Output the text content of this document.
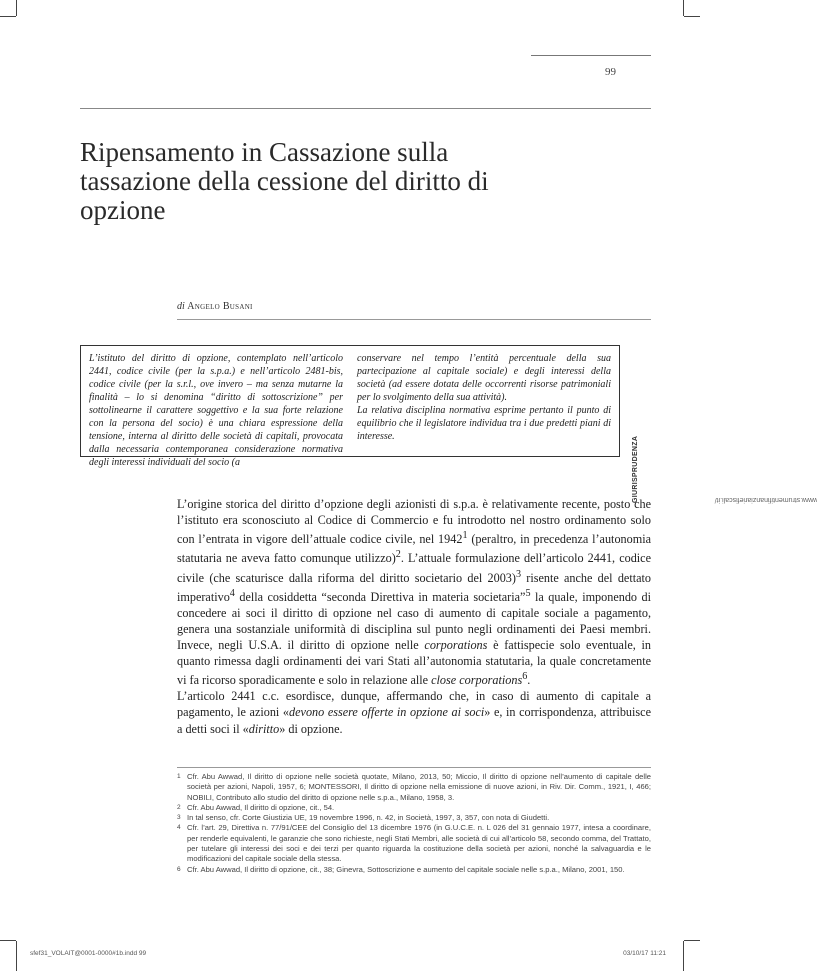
99
Ripensamento in Cassazione sulla tassazione della cessione del diritto di opzione
di Angelo Busani
www.strumentifinanziarieﬁscali.it/
GIURISPRUDENZA

L’istituto del diritto di opzione, contemplato nell’articolo 2441, codice civile (per la s.p.a.) e nell’articolo 2481-bis, codice civile (per la s.r.l., ove invero – ma senza mutarne la finalità – lo si denomina “diritto di sottoscrizione” per sottolinearne il carattere soggettivo e la sua forte relazione con la persona del socio) è una chiara espressione della tensione, interna al diritto delle società di capitali, provocata dalla necessaria contemporanea considerazione normativa degli interessi individuali del socio (a

conservare nel tempo l’entità percentuale della sua partecipazione al capitale sociale) e degli interessi della società (ad essere dotata delle occorrenti risorse patrimoniali per lo svolgimento della sua attività).

La relativa disciplina normativa esprime pertanto il punto di equilibrio che il legislatore individua tra i due predetti piani di interesse.

L’origine storica del diritto d’opzione degli azionisti di s.p.a. è relativamente recente, posto che l’istituto era sconosciuto al Codice di Commercio e fu introdotto nel nostro ordinamento solo con l’entrata in vigore dell’attuale codice civile, nel 1942$^1$ (peraltro, in precedenza l’autonomia statutaria ne aveva fatto comunque utilizzo)$^2$. L’attuale formulazione dell’articolo 2441, codice civile (che scaturisce dalla riforma del diritto societario del 2003)$^3$ risente anche del dettato imperativo$^4$ della cosiddetta “seconda Direttiva in materia societaria”$^5$ la quale, imponendo di concedere ai soci il diritto di opzione nel caso di aumento di capitale sociale a pagamento, genera una sostanziale uniformità di disciplina sul punto negli ordinamenti dei Paesi membri. Invece, negli U.S.A. il diritto di opzione nelle corporations è fattispecie solo eventuale, in quanto rimessa dagli ordinamenti dei vari Stati all’autonomia statutaria, la quale concretamente vi fa ricorso sporadicamente e solo in relazione alle close corporations$^6$.

L’articolo 2441 c.c. esordisce, dunque, affermando che, in caso di aumento di capitale a pagamento, le azioni «devono essere offerte in opzione ai soci» e, in corrispondenza, attribuisce a detti soci il «diritto» di opzione.

1 Cfr. Abu Awwad, Il diritto di opzione nelle società quotate, Milano, 2013, 50; Miccio, Il diritto di opzione nell’aumento di capitale delle società per azioni, Napoli, 1957, 6; MONTESSORI, Il diritto di opzione nella emissione di nuove azioni, in Riv. Dir. Comm., 1921, I, 466; NOBILI, Contributo allo studio del diritto di opzione nelle s.p.a., Milano, 1958, 3.
2 Cfr. Abu Awwad, Il diritto di opzione, cit., 54.
3 In tal senso, cfr. Corte Giustizia UE, 19 novembre 1996, n. 42, in Società, 1997, 3, 357, con nota di Giudetti.
4 Cfr. l’art. 29, Direttiva n. 77/91/CEE del Consiglio del 13 dicembre 1976 (in G.U.C.E. n. L 026 del 31 gennaio 1977, intesa a coordinare, per renderle equivalenti, le garanzie che sono richieste, negli Stati Membri, alle società di cui all’articolo 58, secondo comma, del Trattato, per tutelare gli interessi dei soci e dei terzi per quanto riguarda la costituzione della società per azioni, nonché la salvaguardia e le modificazioni del capitale sociale della stessa.
6 Cfr. Abu Awwad, Il diritto di opzione, cit., 38; Ginevra, Sottoscrizione e aumento del capitale sociale nelle s.p.a., Milano, 2001, 150.
sfef31_VOLAIT@0001-0000#1b.indd 99	03/10/17 11:21
